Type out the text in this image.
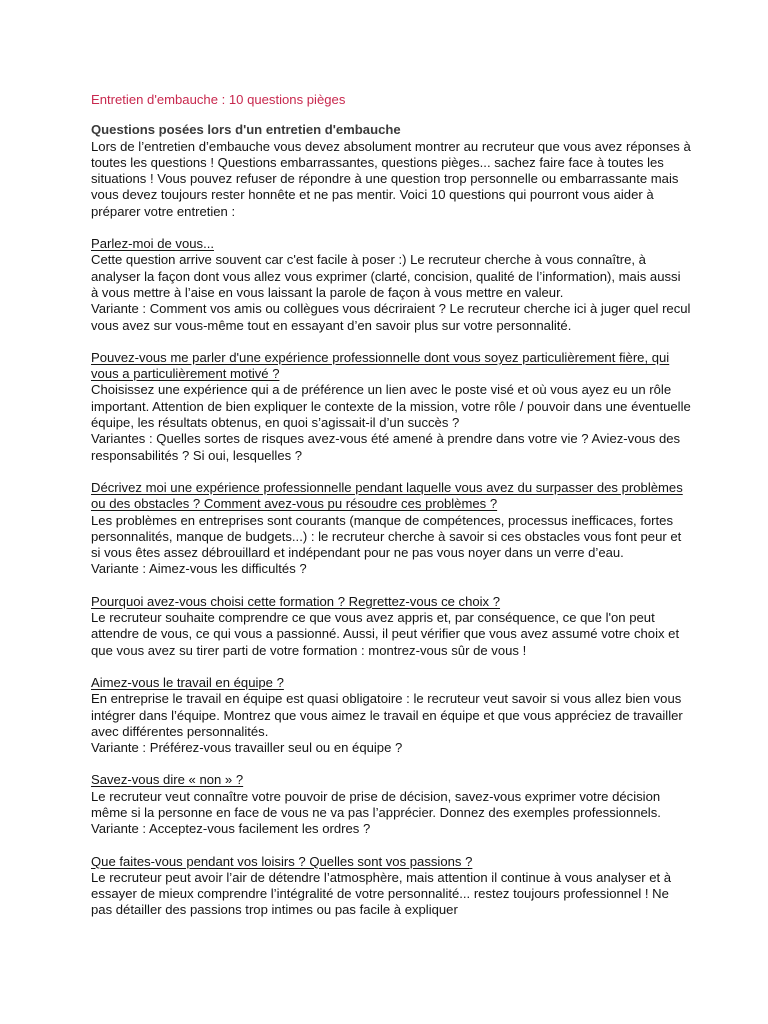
Entretien d'embauche : 10 questions pièges
Questions posées lors d'un entretien d'embauche

Lors de l’entretien d’embauche vous devez absolument montrer au recruteur que vous avez réponses à toutes les questions ! Questions embarrassantes, questions pièges... sachez faire face à toutes les situations ! Vous pouvez refuser de répondre à une question trop personnelle ou embarrassante mais vous devez toujours rester honnête et ne pas mentir. Voici 10 questions qui pourront vous aider à préparer votre entretien :

Parlez-moi de vous...

Cette question arrive souvent car c'est facile à poser :) Le recruteur cherche à vous connaître, à analyser la façon dont vous allez vous exprimer (clarté, concision, qualité de l’information), mais aussi à vous mettre à l’aise en vous laissant la parole de façon à vous mettre en valeur.

Variante : Comment vos amis ou collègues vous décriraient ? Le recruteur cherche ici à juger quel recul vous avez sur vous-même tout en essayant d’en savoir plus sur votre personnalité.

Pouvez-vous me parler d'une expérience professionnelle dont vous soyez particulièrement fière, qui vous a particulièrement motivé ?

Choisissez une expérience qui a de préférence un lien avec le poste visé et où vous ayez eu un rôle important. Attention de bien expliquer le contexte de la mission, votre rôle / pouvoir dans une éventuelle équipe, les résultats obtenus, en quoi s’agissait-il d’un succès ?

Variantes : Quelles sortes de risques avez-vous été amené à prendre dans votre vie ? Aviez-vous des responsabilités ? Si oui, lesquelles ?

Décrivez moi une expérience professionnelle pendant laquelle vous avez du surpasser des problèmes ou des obstacles ? Comment avez-vous pu résoudre ces problèmes ?

Les problèmes en entreprises sont courants (manque de compétences, processus inefficaces, fortes personnalités, manque de budgets...) : le recruteur cherche à savoir si ces obstacles vous font peur et si vous êtes assez débrouillard et indépendant pour ne pas vous noyer dans un verre d’eau.

Variante : Aimez-vous les difficultés ?

Pourquoi avez-vous choisi cette formation ? Regrettez-vous ce choix ?

Le recruteur souhaite comprendre ce que vous avez appris et, par conséquence, ce que l'on peut attendre de vous, ce qui vous a passionné. Aussi, il peut vérifier que vous avez assumé votre choix et que vous avez su tirer parti de votre formation : montrez-vous sûr de vous !

Aimez-vous le travail en équipe ?

En entreprise le travail en équipe est quasi obligatoire : le recruteur veut savoir si vous allez bien vous intégrer dans l’équipe. Montrez que vous aimez le travail en équipe et que vous appréciez de travailler avec différentes personnalités.

Variante : Préférez-vous travailler seul ou en équipe ?

Savez-vous dire « non » ?

Le recruteur veut connaître votre pouvoir de prise de décision, savez-vous exprimer votre décision même si la personne en face de vous ne va pas l’apprécier. Donnez des exemples professionnels.

Variante : Acceptez-vous facilement les ordres ?

Que faites-vous pendant vos loisirs ? Quelles sont vos passions ?

Le recruteur peut avoir l’air de détendre l’atmosphère, mais attention il continue à vous analyser et à essayer de mieux comprendre l’intégralité de votre personnalité... restez toujours professionnel ! Ne pas détailler des passions trop intimes ou pas facile à expliquer
